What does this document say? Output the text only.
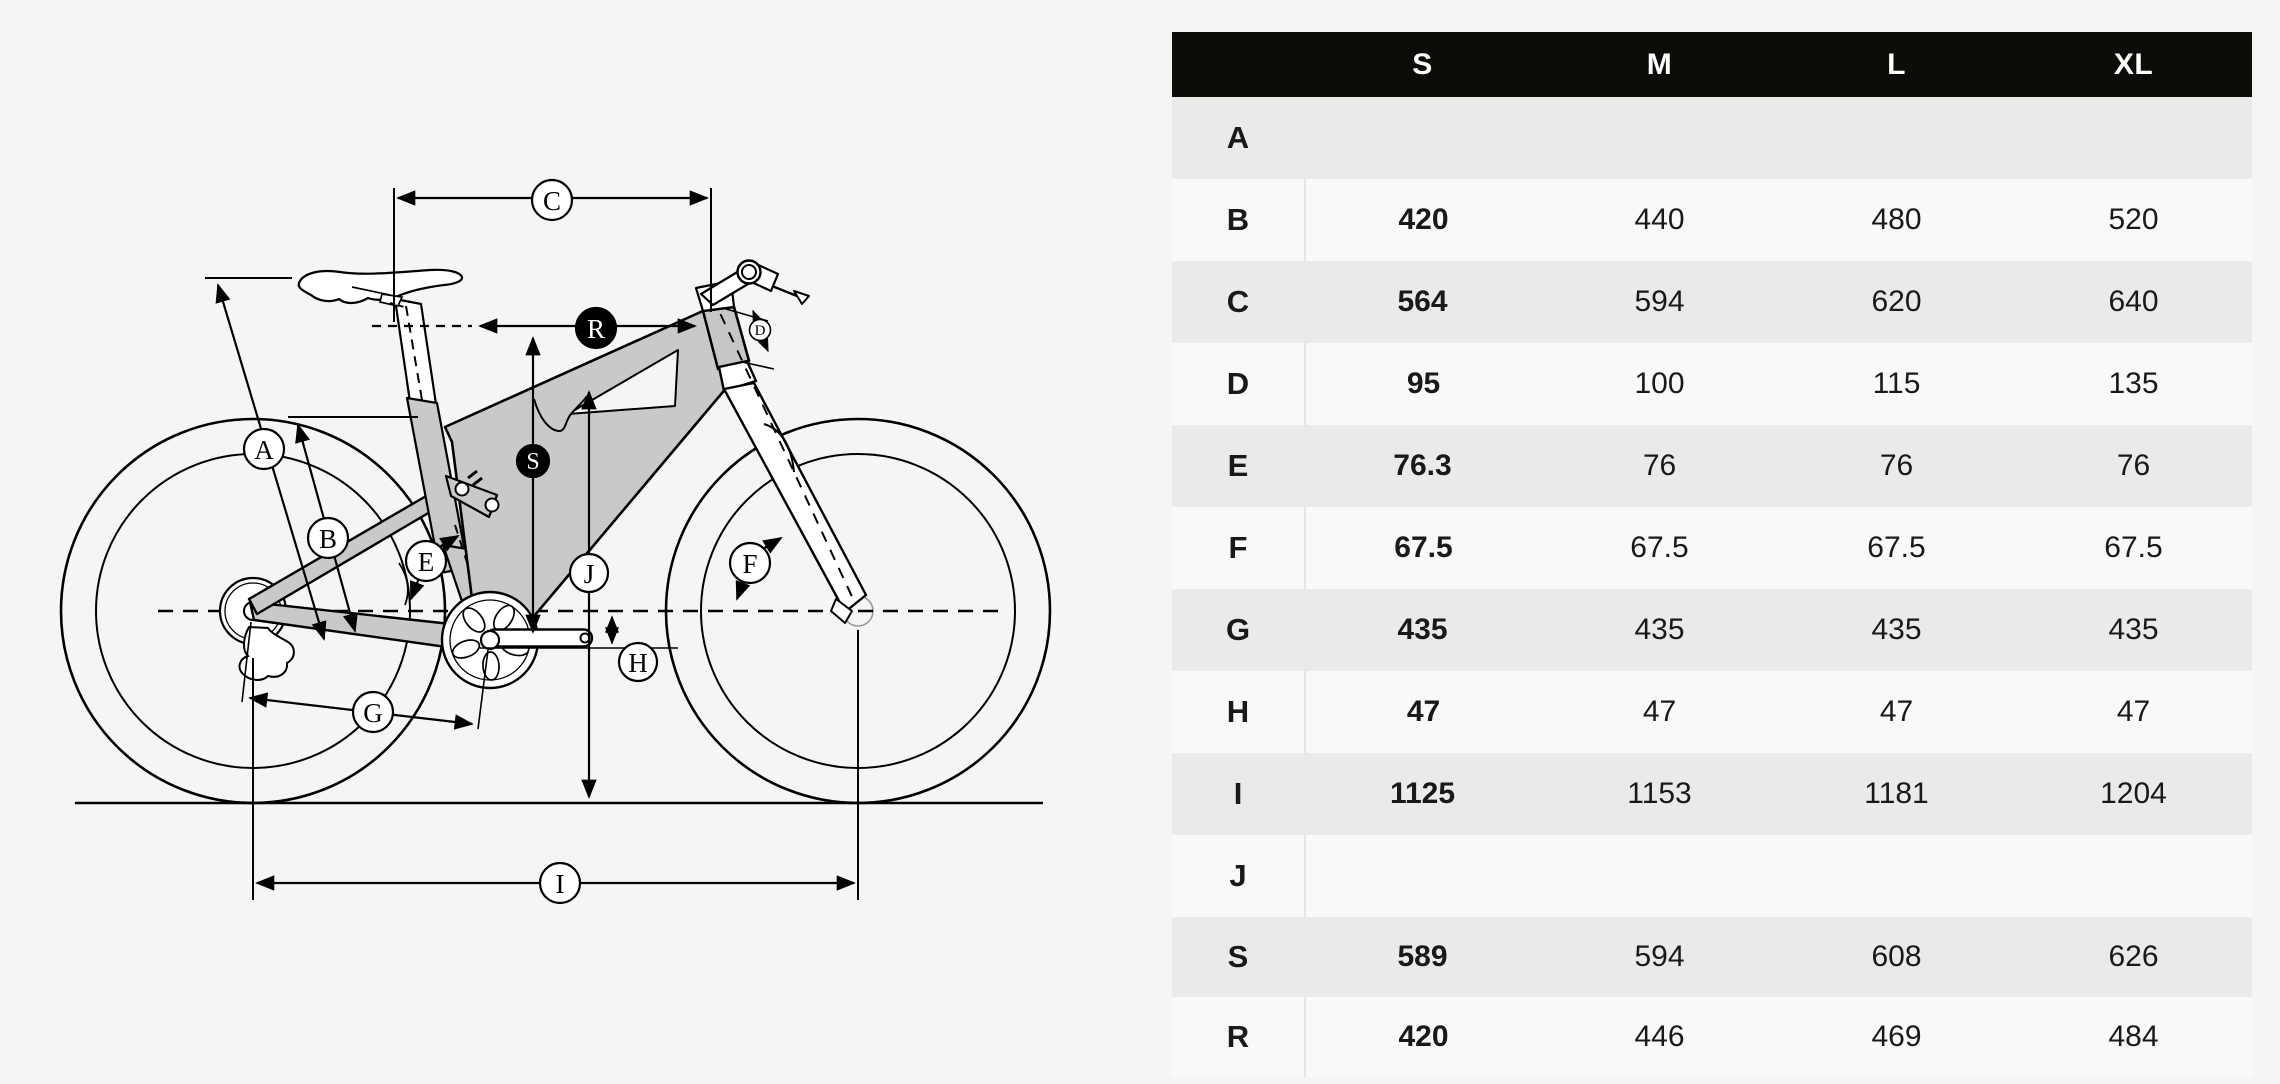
A
B
C
D
E	F
G
H
I
J
R
S
S	M	L	XL
A
B	420	440	480	520
C	564	594	620	640
D	95	100	115	135
E	76.3	76	76	76
F	67.5	67.5	67.5	67.5
G	435	435	435	435
H	47	47	47	47
I	1125	1153	1181	1204
J
S	589	594	608	626
R	420	446	469	484
